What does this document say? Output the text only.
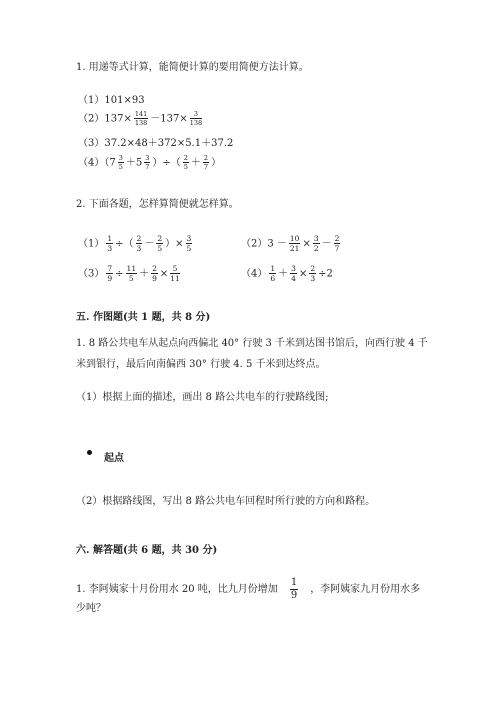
1. 用递等式计算，能简便计算的要用简便方法计算。
（1）101×93
$(2)137\times \frac{141}{138} -137\times \frac{3}{138}$
（3）37.2×48＋372×5.1＋37.2
$(4)(7 \frac{3}{5} +5 \frac{3}{7}$ ）÷（ $\frac{2}{5} + \frac{2}{7}$ ）
2. 下面各题，怎样算简便就怎样算。
$(1) \frac{1}{3}$ ÷（ $\frac{2}{3} - \frac{2}{5}$ ）× $\frac{3}{5}$	$(2)3 - \frac{10}{21} \times \frac{3}{2} - \frac{2}{7}$
$(3) \frac{7}{9} \div \frac{11}{5} + \frac{2}{9} \times \frac{5}{11}$	$(4) \frac{1}{6} + \frac{3}{4} \times \frac{2}{3} \div 2$
五. 作图题(共 1 题，共 8 分)
1. 8 路公共电车从起点向西偏北 40° 行驶 3 千米到达图书馆后，向西行驶 4 千
米到银行，最后向南偏西 30° 行驶 4. 5 千米到达终点。
（1）根据上面的描述，画出 8 路公共电车的行驶路线图;
起点
（2）根据路线图，写出 8 路公共电车回程时所行驶的方向和路程。
六. 解答题(共 6 题，共 30 分)
1. 李阿姨家十月份用水 20 吨，比九月份增加 $\frac{1}{9}$ ，李阿姨家九月份用水多
少吨？
